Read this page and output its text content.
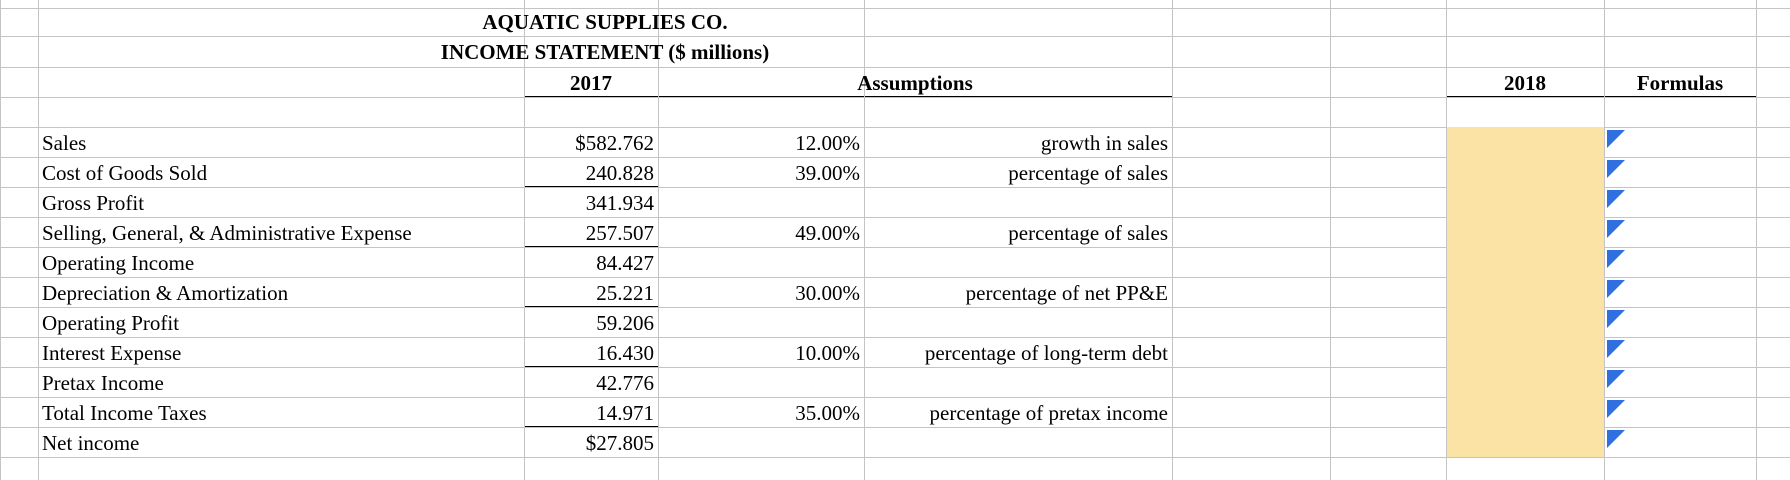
AQUATIC SUPPLIES CO.
INCOME STATEMENT ($ millions)
2017	Assumptions	2018	Formulas
Sales	$582.762	12.00%	growth in sales
Cost of Goods Sold	240.828	39.00%	percentage of sales
Gross Profit	341.934
Selling, General, & Administrative Expense	257.507	49.00%	percentage of sales
Operating Income	84.427
Depreciation & Amortization	25.221	30.00%	percentage of net PP&E
Operating Profit	59.206
Interest Expense	16.430	10.00%	percentage of long-term debt
Pretax Income	42.776
Total Income Taxes	14.971	35.00%	percentage of pretax income
Net income	$27.805
